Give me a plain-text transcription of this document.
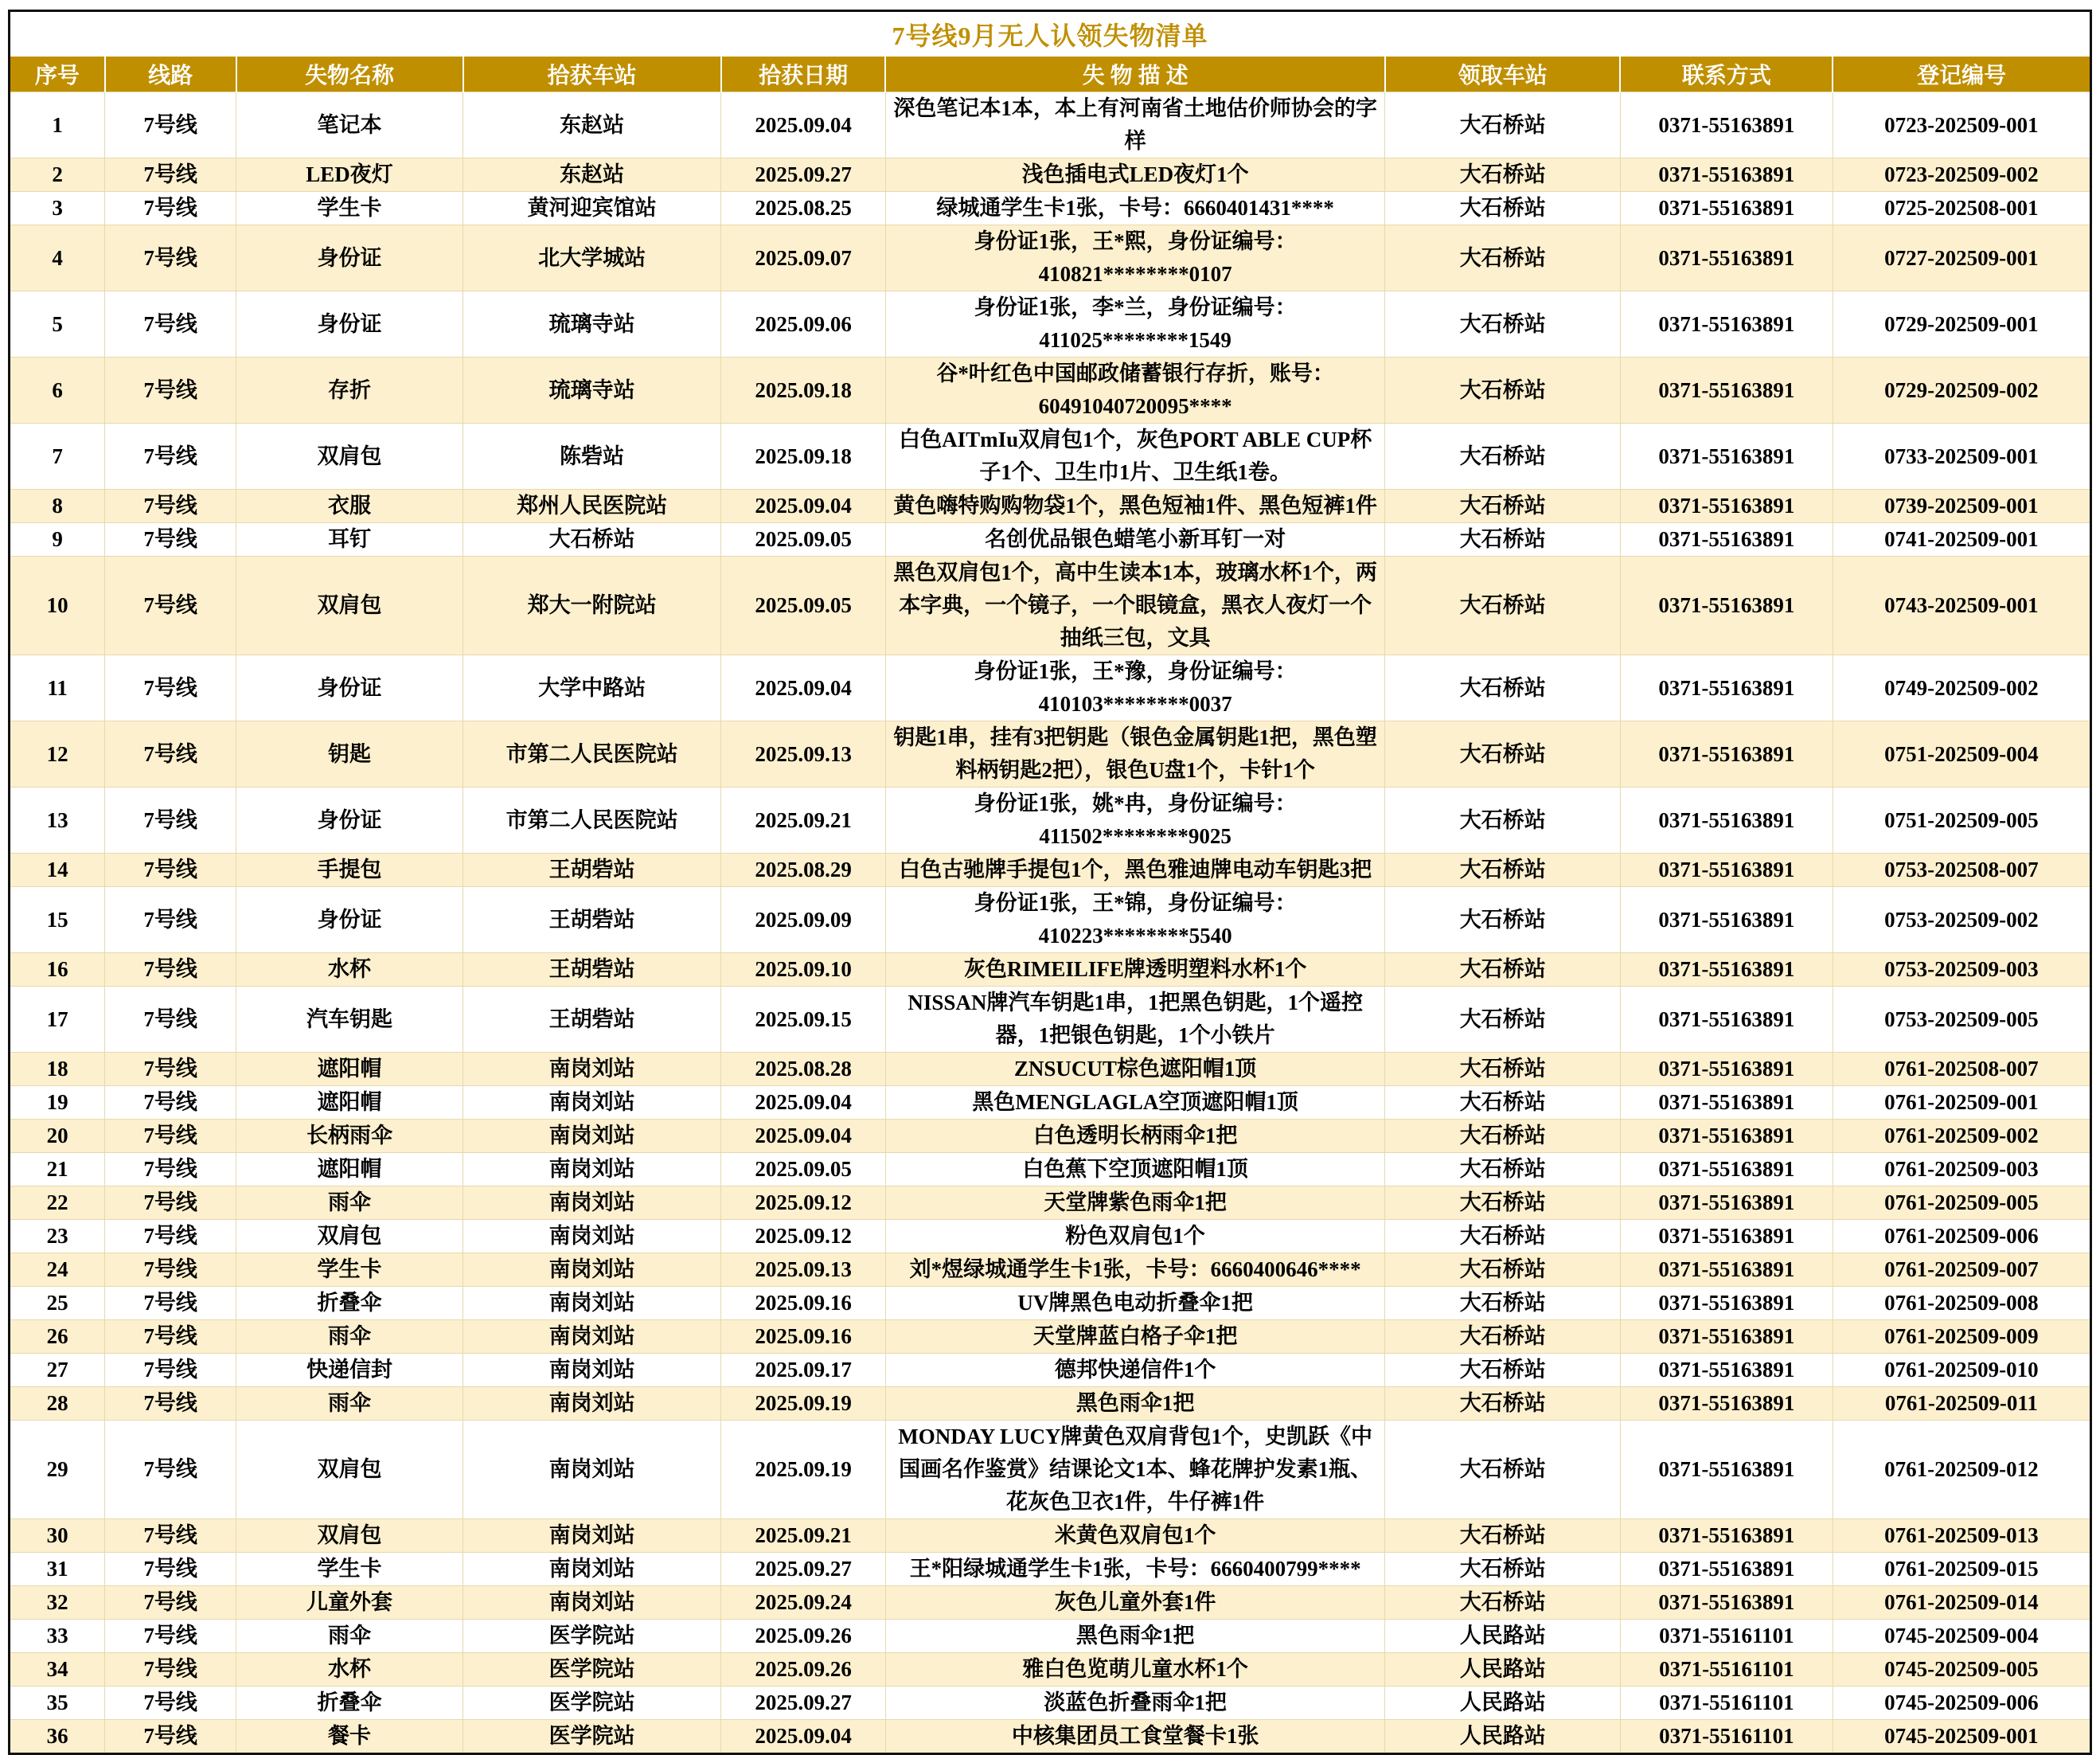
7号线9月无人认领失物清单								
序号	线路	失物名称	拾获车站	拾获日期	失 物 描 述	领取车站	联系方式	登记编号
1	7号线	笔记本	东赵站	2025.09.04	深色笔记本1本，本上有河南省土地估价师协会的字样	大石桥站	0371-55163891	0723-202509-001
2	7号线	LED夜灯	东赵站	2025.09.27	浅色插电式LED夜灯1个	大石桥站	0371-55163891	0723-202509-002
3	7号线	学生卡	黄河迎宾馆站	2025.08.25	绿城通学生卡1张，卡号：6660401431****	大石桥站	0371-55163891	0725-202508-001
4	7号线	身份证	北大学城站	2025.09.07	身份证1张，王*熙，身份证编号：410821********0107	大石桥站	0371-55163891	0727-202509-001
5	7号线	身份证	琉璃寺站	2025.09.06	身份证1张，李*兰，身份证编号：411025********1549	大石桥站	0371-55163891	0729-202509-001
6	7号线	存折	琉璃寺站	2025.09.18	谷*叶红色中国邮政储蓄银行存折，账号：60491040720095****	大石桥站	0371-55163891	0729-202509-002
7	7号线	双肩包	陈砦站	2025.09.18	白色AITmIu双肩包1个，灰色PORT ABLE CUP杯子1个、卫生巾1片、卫生纸1卷。	大石桥站	0371-55163891	0733-202509-001
8	7号线	衣服	郑州人民医院站	2025.09.04	黄色嗨特购购物袋1个，黑色短袖1件、黑色短裤1件	大石桥站	0371-55163891	0739-202509-001
9	7号线	耳钉	大石桥站	2025.09.05	名创优品银色蜡笔小新耳钉一对	大石桥站	0371-55163891	0741-202509-001
10	7号线	双肩包	郑大一附院站	2025.09.05	黑色双肩包1个，高中生读本1本，玻璃水杯1个，两本字典，一个镜子，一个眼镜盒，黑衣人夜灯一个抽纸三包，文具	大石桥站	0371-55163891	0743-202509-001
11	7号线	身份证	大学中路站	2025.09.04	身份证1张，王*豫，身份证编号：410103********0037	大石桥站	0371-55163891	0749-202509-002
12	7号线	钥匙	市第二人民医院站	2025.09.13	钥匙1串，挂有3把钥匙（银色金属钥匙1把，黑色塑料柄钥匙2把），银色U盘1个，卡针1个	大石桥站	0371-55163891	0751-202509-004
13	7号线	身份证	市第二人民医院站	2025.09.21	身份证1张，姚*冉，身份证编号：411502********9025	大石桥站	0371-55163891	0751-202509-005
14	7号线	手提包	王胡砦站	2025.08.29	白色古驰牌手提包1个，黑色雅迪牌电动车钥匙3把	大石桥站	0371-55163891	0753-202508-007
15	7号线	身份证	王胡砦站	2025.09.09	身份证1张，王*锦，身份证编号：410223********5540	大石桥站	0371-55163891	0753-202509-002
16	7号线	水杯	王胡砦站	2025.09.10	灰色RIMEILIFE牌透明塑料水杯1个	大石桥站	0371-55163891	0753-202509-003
17	7号线	汽车钥匙	王胡砦站	2025.09.15	NISSAN牌汽车钥匙1串，1把黑色钥匙，1个遥控器，1把银色钥匙，1个小铁片	大石桥站	0371-55163891	0753-202509-005
18	7号线	遮阳帽	南岗刘站	2025.08.28	ZNSUCUT棕色遮阳帽1顶	大石桥站	0371-55163891	0761-202508-007
19	7号线	遮阳帽	南岗刘站	2025.09.04	黑色MENGLAGLA空顶遮阳帽1顶	大石桥站	0371-55163891	0761-202509-001
20	7号线	长柄雨伞	南岗刘站	2025.09.04	白色透明长柄雨伞1把	大石桥站	0371-55163891	0761-202509-002
21	7号线	遮阳帽	南岗刘站	2025.09.05	白色蕉下空顶遮阳帽1顶	大石桥站	0371-55163891	0761-202509-003
22	7号线	雨伞	南岗刘站	2025.09.12	天堂牌紫色雨伞1把	大石桥站	0371-55163891	0761-202509-005
23	7号线	双肩包	南岗刘站	2025.09.12	粉色双肩包1个	大石桥站	0371-55163891	0761-202509-006
24	7号线	学生卡	南岗刘站	2025.09.13	刘*煜绿城通学生卡1张，卡号：6660400646****	大石桥站	0371-55163891	0761-202509-007
25	7号线	折叠伞	南岗刘站	2025.09.16	UV牌黑色电动折叠伞1把	大石桥站	0371-55163891	0761-202509-008
26	7号线	雨伞	南岗刘站	2025.09.16	天堂牌蓝白格子伞1把	大石桥站	0371-55163891	0761-202509-009
27	7号线	快递信封	南岗刘站	2025.09.17	德邦快递信件1个	大石桥站	0371-55163891	0761-202509-010
28	7号线	雨伞	南岗刘站	2025.09.19	黑色雨伞1把	大石桥站	0371-55163891	0761-202509-011
29	7号线	双肩包	南岗刘站	2025.09.19	MONDAY LUCY牌黄色双肩背包1个，史凯跃《中国画名作鉴赏》结课论文1本、蜂花牌护发素1瓶、花灰色卫衣1件，牛仔裤1件	大石桥站	0371-55163891	0761-202509-012
30	7号线	双肩包	南岗刘站	2025.09.21	米黄色双肩包1个	大石桥站	0371-55163891	0761-202509-013
31	7号线	学生卡	南岗刘站	2025.09.27	王*阳绿城通学生卡1张，卡号：6660400799****	大石桥站	0371-55163891	0761-202509-015
32	7号线	儿童外套	南岗刘站	2025.09.24	灰色儿童外套1件	大石桥站	0371-55163891	0761-202509-014
33	7号线	雨伞	医学院站	2025.09.26	黑色雨伞1把	人民路站	0371-55161101	0745-202509-004
34	7号线	水杯	医学院站	2025.09.26	雅白色览萌儿童水杯1个	人民路站	0371-55161101	0745-202509-005
35	7号线	折叠伞	医学院站	2025.09.27	淡蓝色折叠雨伞1把	人民路站	0371-55161101	0745-202509-006
36	7号线	餐卡	医学院站	2025.09.04	中核集团员工食堂餐卡1张	人民路站	0371-55161101	0745-202509-001
